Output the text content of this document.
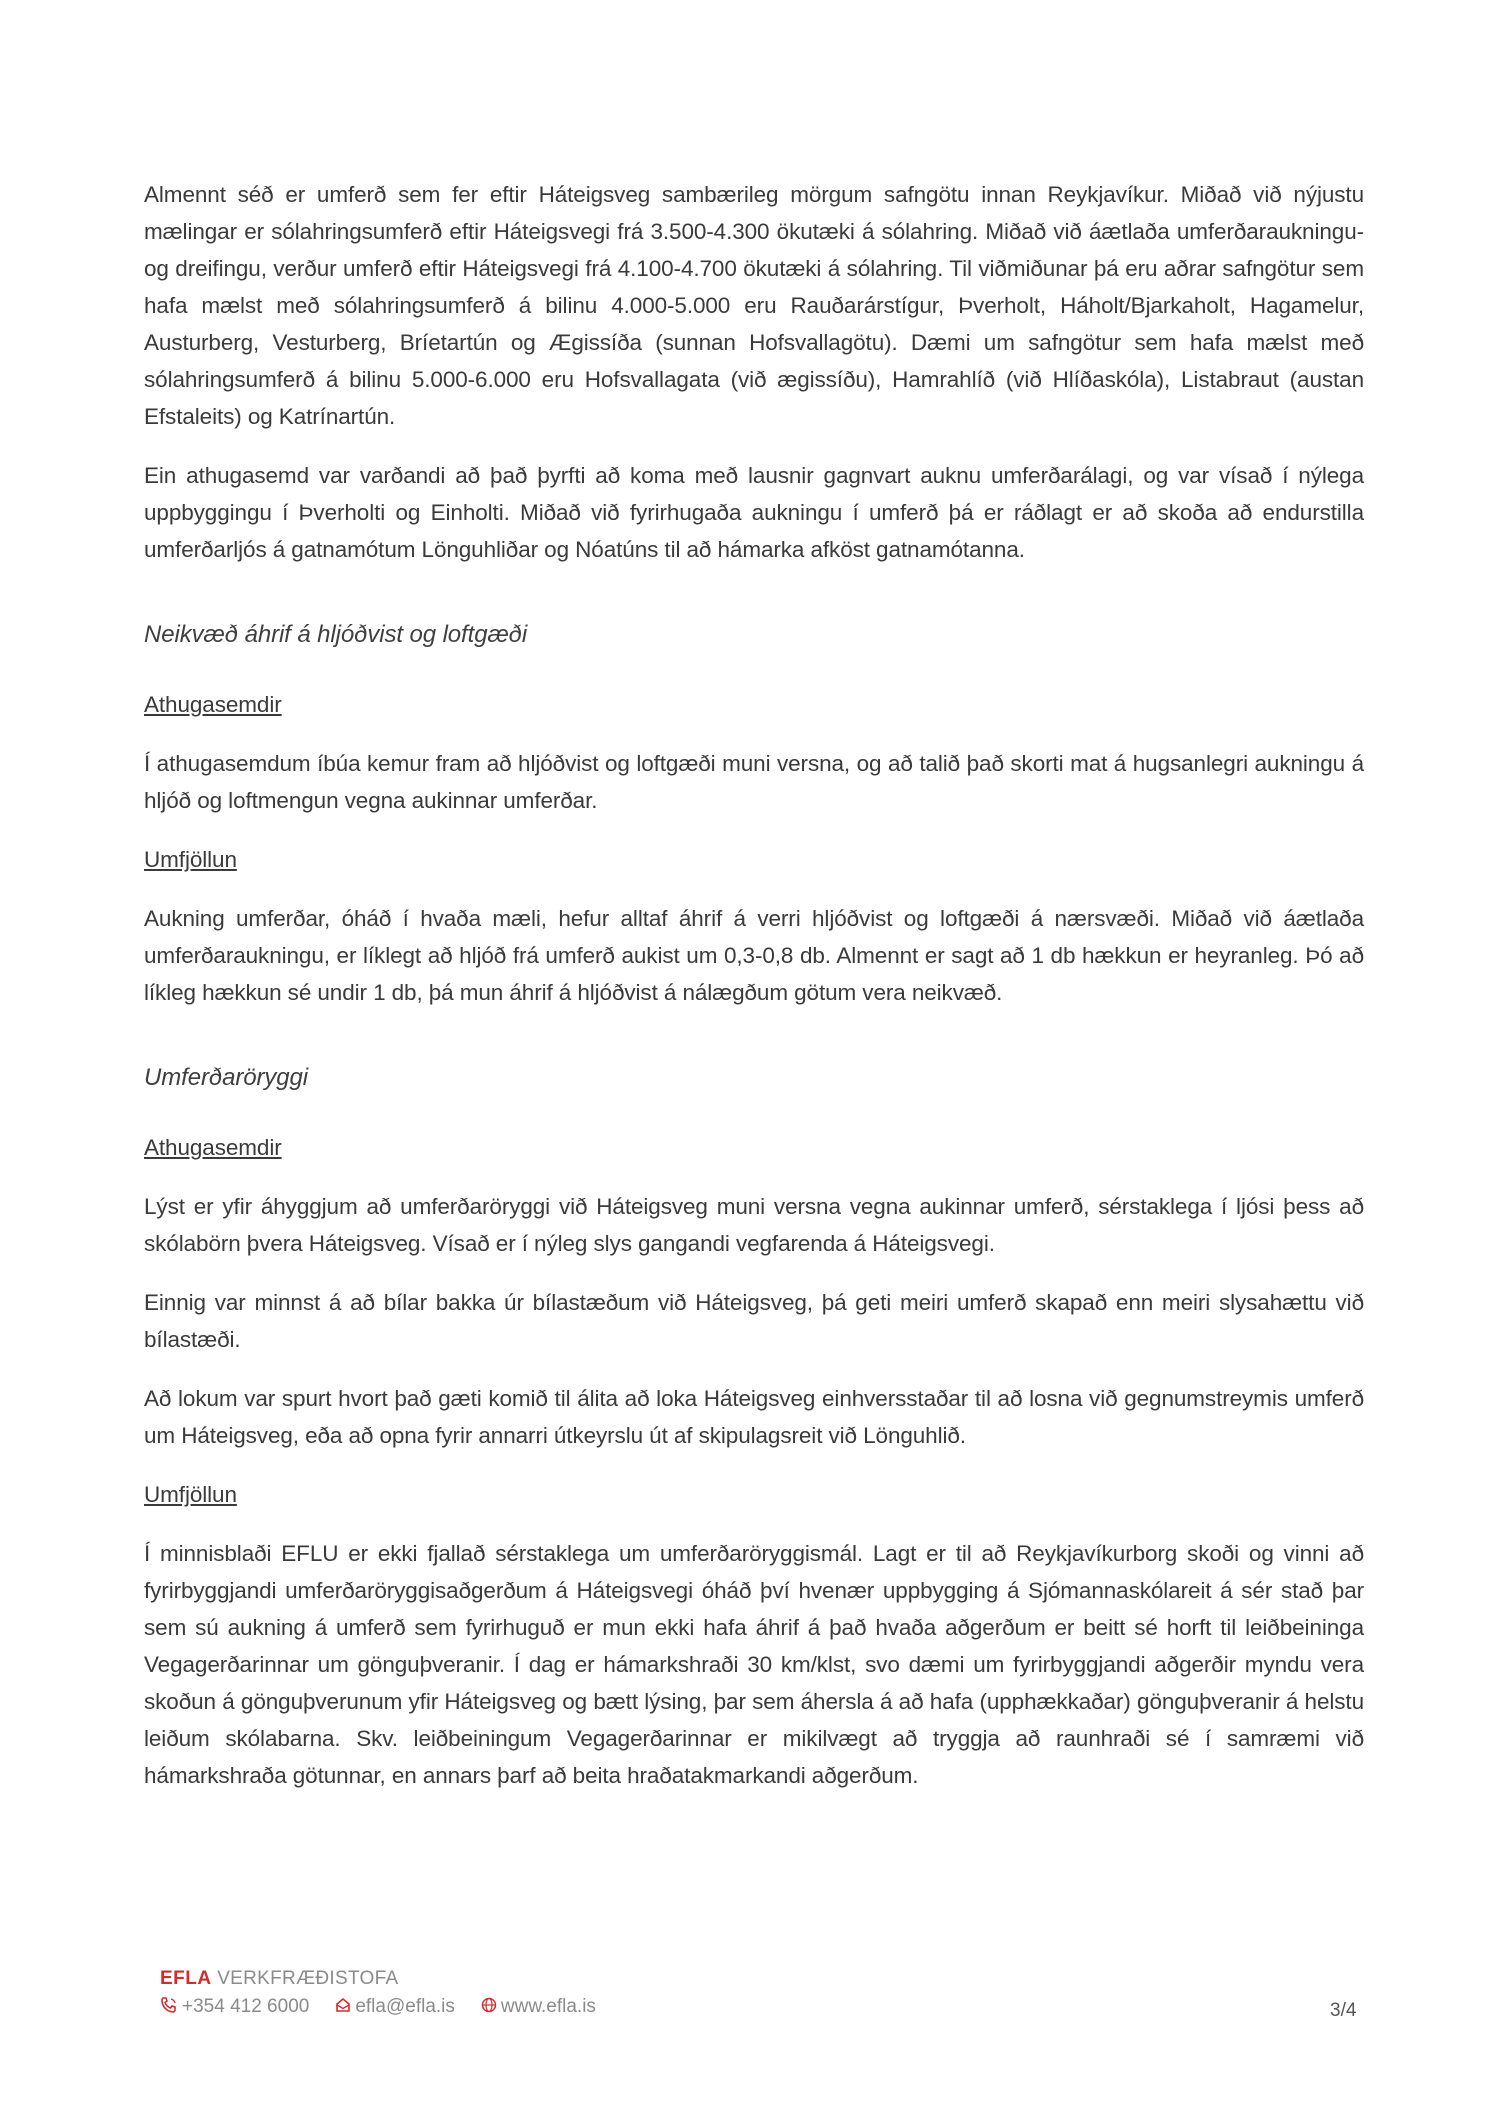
Almennt séð er umferð sem fer eftir Háteigsveg sambærileg mörgum safngötu innan Reykjavíkur. Miðað við nýjustu mælingar er sólahringsumferð eftir Háteigsvegi frá 3.500-4.300 ökutæki á sólahring. Miðað við áætlaða umferðaraukningu- og dreifingu, verður umferð eftir Háteigsvegi frá 4.100-4.700 ökutæki á sólahring. Til viðmiðunar þá eru aðrar safngötur sem hafa mælst með sólahringsumferð á bilinu 4.000-5.000 eru Rauðarárstígur, Þverholt, Háholt/Bjarkaholt, Hagamelur, Austurberg, Vesturberg, Bríetartún og Ægissíða (sunnan Hofsvallagötu). Dæmi um safngötur sem hafa mælst með sólahringsumferð á bilinu 5.000-6.000 eru Hofsvallagata (við ægissíðu), Hamrahlíð (við Hlíðaskóla), Listabraut (austan Efstaleits) og Katrínartún.

Ein athugasemd var varðandi að það þyrfti að koma með lausnir gagnvart auknu umferðarálagi, og var vísað í nýlega uppbyggingu í Þverholti og Einholti. Miðað við fyrirhugaða aukningu í umferð þá er ráðlagt er að skoða að endurstilla umferðarljós á gatnamótum Lönguhliðar og Nóatúns til að hámarka afköst gatnamótanna.

Neikvæð áhrif á hljóðvist og loftgæði

Athugasemdir

Í athugasemdum íbúa kemur fram að hljóðvist og loftgæði muni versna, og að talið það skorti mat á hugsanlegri aukningu á hljóð og loftmengun vegna aukinnar umferðar.

Umfjöllun

Aukning umferðar, óháð í hvaða mæli, hefur alltaf áhrif á verri hljóðvist og loftgæði á nærsvæði. Miðað við áætlaða umferðaraukningu, er líklegt að hljóð frá umferð aukist um 0,3-0,8 db. Almennt er sagt að 1 db hækkun er heyranleg. Þó að líkleg hækkun sé undir 1 db, þá mun áhrif á hljóðvist á nálægðum götum vera neikvæð.

Umferðaröryggi

Athugasemdir

Lýst er yfir áhyggjum að umferðaröryggi við Háteigsveg muni versna vegna aukinnar umferð, sérstaklega í ljósi þess að skólabörn þvera Háteigsveg. Vísað er í nýleg slys gangandi vegfarenda á Háteigsvegi.

Einnig var minnst á að bílar bakka úr bílastæðum við Háteigsveg, þá geti meiri umferð skapað enn meiri slysahættu við bílastæði.

Að lokum var spurt hvort það gæti komið til álita að loka Háteigsveg einhversstaðar til að losna við gegnumstreymis umferð um Háteigsveg, eða að opna fyrir annarri útkeyrslu út af skipulagsreit við Lönguhlið.

Umfjöllun

Í minnisblaði EFLU er ekki fjallað sérstaklega um umferðaröryggismál. Lagt er til að Reykjavíkurborg skoði og vinni að fyrirbyggjandi umferðaröryggisaðgerðum á Háteigsvegi óháð því hvenær uppbygging á Sjómannaskólareit á sér stað þar sem sú aukning á umferð sem fyrirhuguð er mun ekki hafa áhrif á það hvaða aðgerðum er beitt sé horft til leiðbeininga Vegagerðarinnar um gönguþveranir. Í dag er hámarkshraði 30 km/klst, svo dæmi um fyrirbyggjandi aðgerðir myndu vera skoðun á gönguþverunum yfir Háteigsveg og bætt lýsing, þar sem áhersla á að hafa (upphækkaðar) gönguþveranir á helstu leiðum skólabarna. Skv. leiðbeiningum Vegagerðarinnar er mikilvægt að tryggja að raunhraði sé í samræmi við hámarkshraða götunnar, en annars þarf að beita hraðatakmarkandi aðgerðum.

EFLA VERKFRÆÐISTOFA
+354 412 6000 efla@efla.is www.efla.is	3/4
